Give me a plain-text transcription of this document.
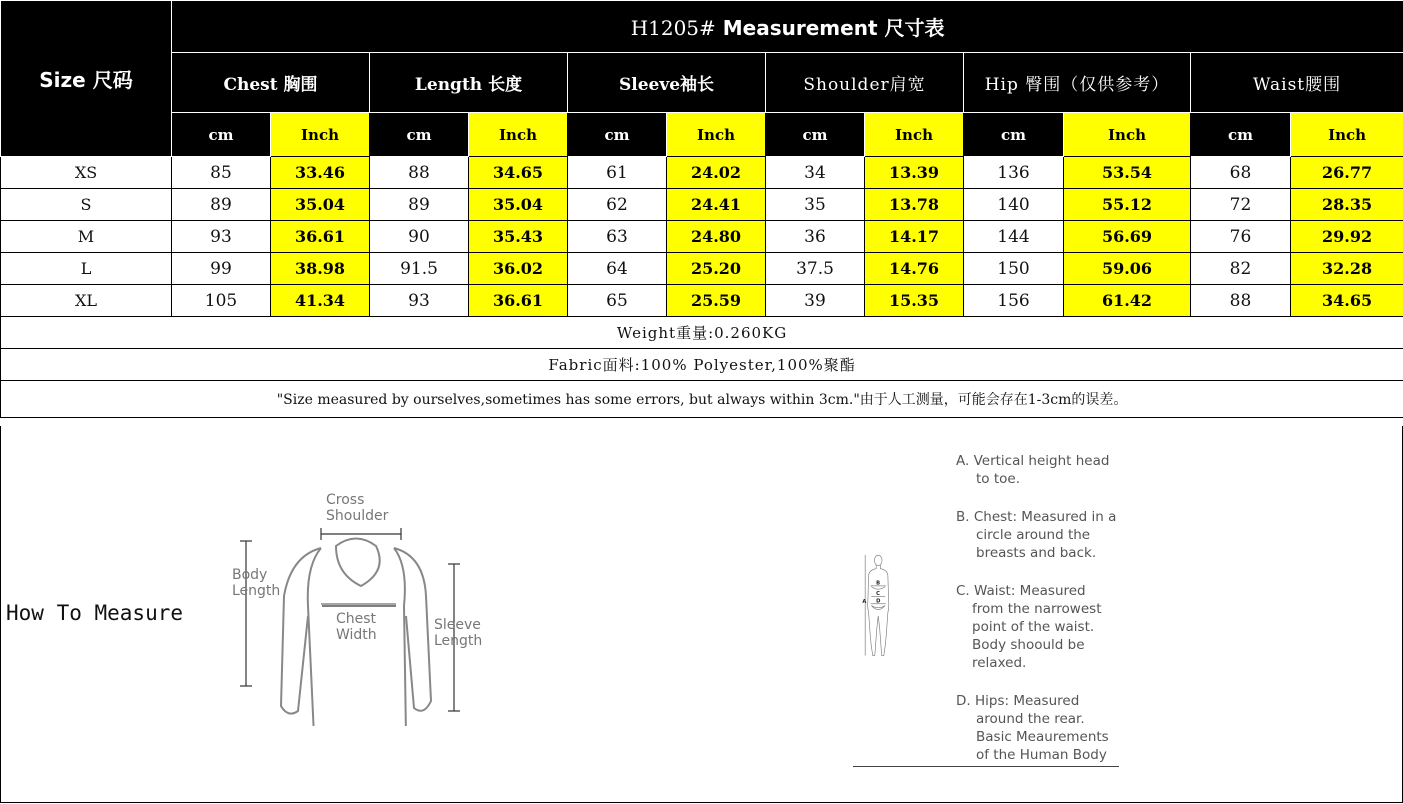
Size 尺码	H1205# Measurement 尺寸表											
	Chest 胸围		Length 长度		Sleeve袖长		Shoulder肩宽		Hip 臀围（仅供参考）		Waist腰围	
	cm	Inch	cm	Inch	cm	Inch	cm	Inch	cm	Inch	cm	Inch
XS	85	33.46	88	34.65	61	24.02	34	13.39	136	53.54	68	26.77
S	89	35.04	89	35.04	62	24.41	35	13.78	140	55.12	72	28.35
M	93	36.61	90	35.43	63	24.80	36	14.17	144	56.69	76	29.92
L	99	38.98	91.5	36.02	64	25.20	37.5	14.76	150	59.06	82	32.28
XL	105	41.34	93	36.61	65	25.59	39	15.35	156	61.42	88	34.65
Weight重量:0.260KG												
Fabric面料:100% Polyester,100%聚酯												
"Size measured by ourselves,sometimes has some errors, but always within 3cm."由于人工测量，可能会存在1-3cm的误差。												
How To Measure
Cross
Shoulder
Body
Length
Chest
Width
Sleeve
Length
A
B
C
D
A. Vertical height head
to toe.
B. Chest: Measured in a
circle around the
breasts and back.
C. Waist: Measured
from the narrowest
point of the waist.
Body shoould be
relaxed.
D. Hips: Measured
around the rear.
Basic Meaurements
of the Human Body
